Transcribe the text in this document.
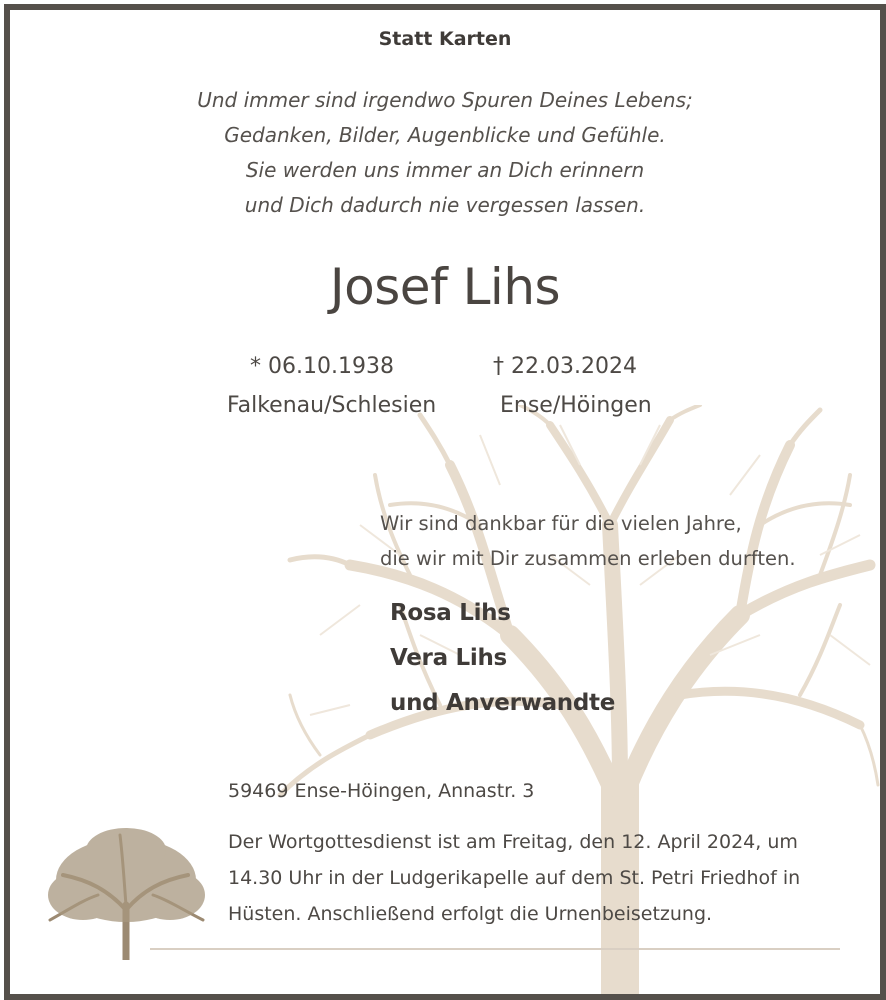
Statt Karten
Und immer sind irgendwo Spuren Deines Lebens;
Gedanken, Bilder, Augenblicke und Gefühle.
Sie werden uns immer an Dich erinnern
und Dich dadurch nie vergessen lassen.
Josef Lihs
* 06.10.1938	† 22.03.2024
Falkenau/Schlesien	Ense/Höingen
Wir sind dankbar für die vielen Jahre,
die wir mit Dir zusammen erleben durften.
Rosa Lihs
Vera Lihs
und Anverwandte
59469 Ense-Höingen, Annastr. 3
Der Wortgottesdienst ist am Freitag, den 12. April 2024, um
14.30 Uhr in der Ludgerikapelle auf dem St. Petri Friedhof in
Hüsten. Anschließend erfolgt die Urnenbeisetzung.
